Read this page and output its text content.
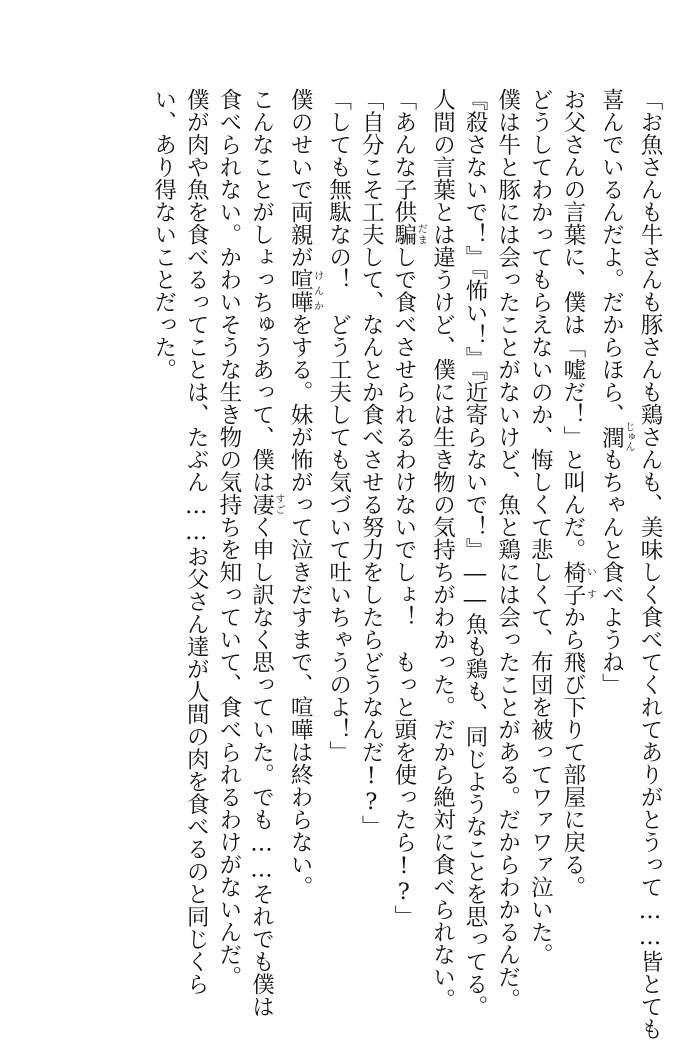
「お魚さんも牛さんも豚さんも鶏さんも、美味しく食べてくれてありがとうって……皆とても
喜んでいるんだよ。だからほら、潤じゅんもちゃんと食べようね」
お父さんの言葉に、僕は「嘘だ！」と叫んだ。椅子いすから飛び下りて部屋に戻る。
どうしてわかってもらえないのか、悔しくて悲しくて、布団を被ってワァワァ泣いた。
僕は牛と豚には会ったことがないけど、魚と鶏には会ったことがある。だからわかるんだ。
『殺さないで！』『怖い！』『近寄らないで！』――魚も鶏も、同じようなことを思ってる。
人間の言葉とは違うけど、僕には生き物の気持ちがわかった。だから絶対に食べられない。
「あんな子供騙だましで食べさせられるわけないでしょ！　もっと頭を使ったら!?」
「自分こそ工夫して、なんとか食べさせる努力をしたらどうなんだ!?」
「しても無駄なの！　どう工夫しても気づいて吐いちゃうのよ！」
僕のせいで両親が喧嘩けんかをする。妹が怖がって泣きだすまで、喧嘩は終わらない。
こんなことがしょっちゅうあって、僕は凄すごく申し訳なく思っていた。でも……それでも僕は
食べられない。かわいそうな生き物の気持ちを知っていて、食べられるわけがないんだ。
僕が肉や魚を食べるってことは、たぶん……お父さん達が人間の肉を食べるのと同じくら
い、あり得ないことだった。
